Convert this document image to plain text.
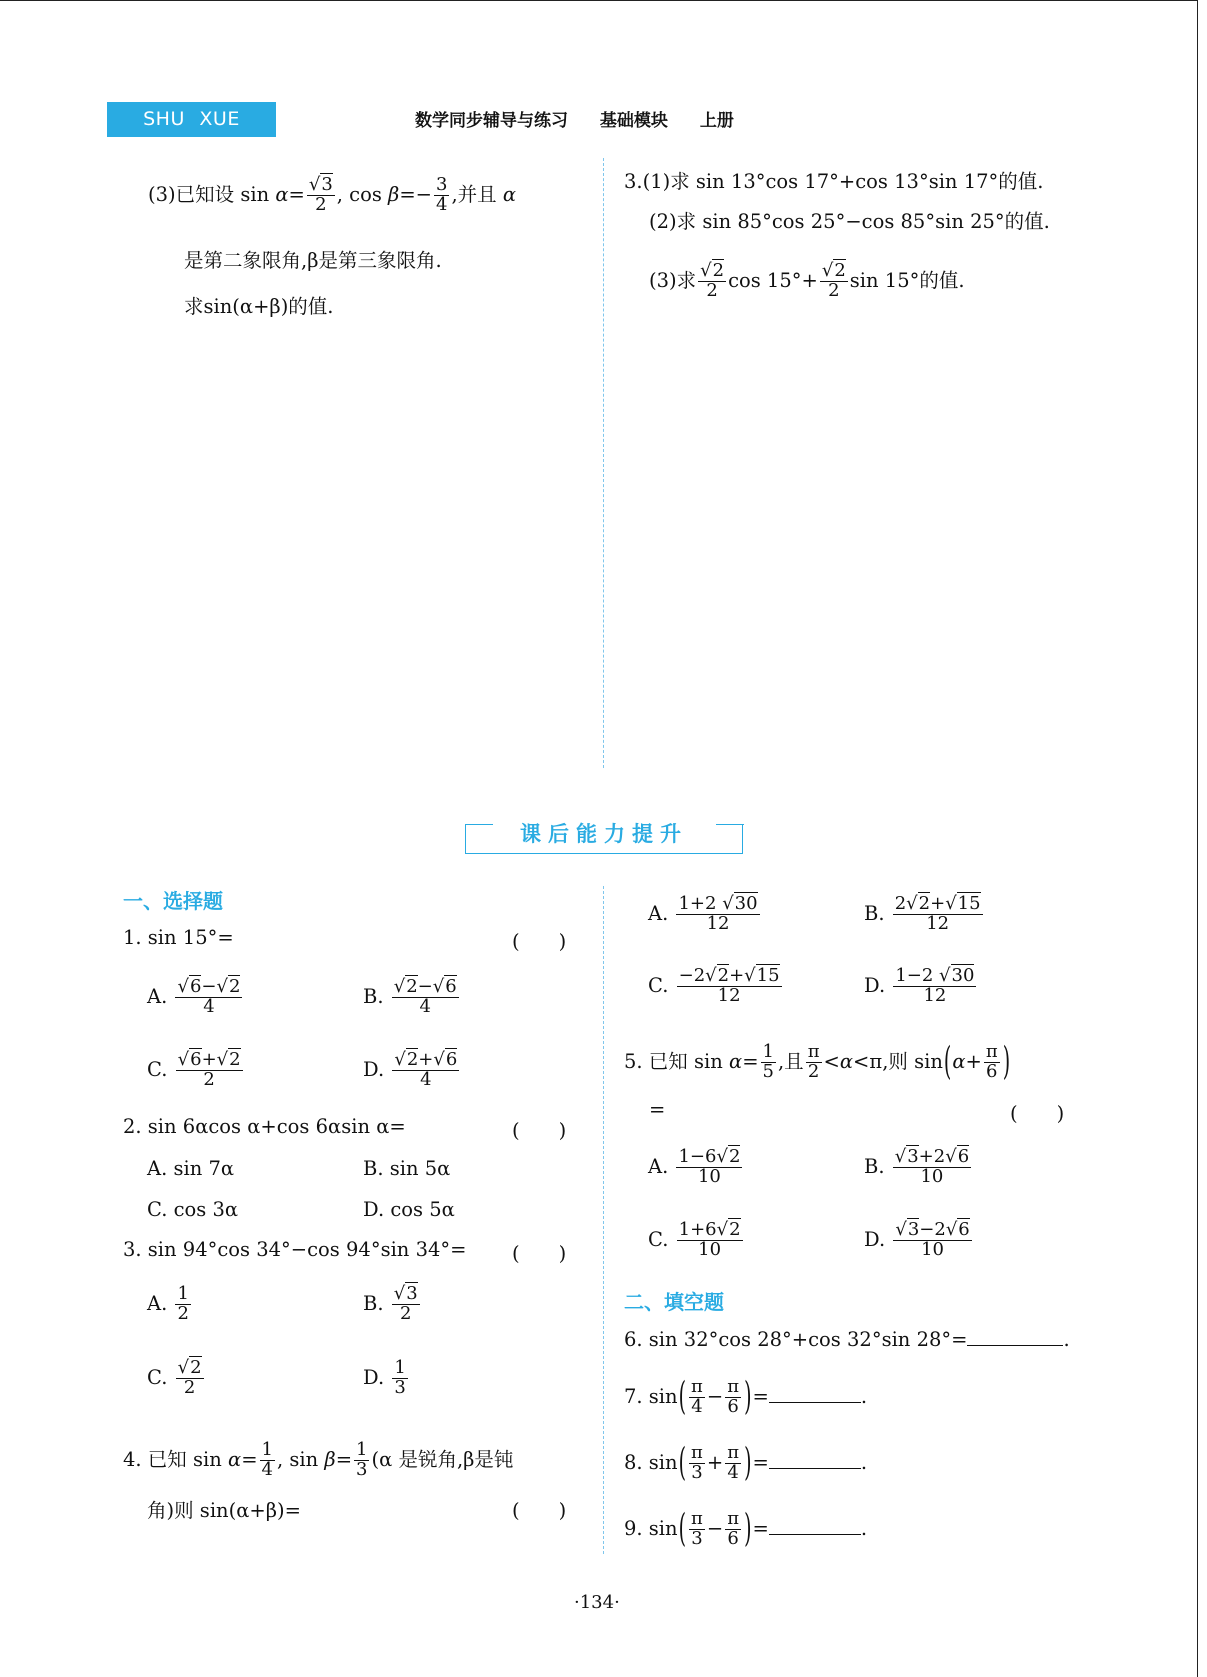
SHU XUE	数学同步辅导与练习 基础模块 上册
(3)已知设 $\sin \alpha= \frac{√3}{2}$ , $\cos \beta=- \frac{3}{4}$ ,并且 α
是第二象限角,β是第三象限角.
求sin(α+β)的值.
3.(1)求 sin 13°cos 17°+cos 13°sin 17°的值.
(2)求 sin 85°cos 25°−cos 85°sin 25°的值.
(3)求 $\frac{√2}{2}$ $\cos 15^\circ+ \frac{√2}{2}$ sin 15°的值.
课后能力提升
一、选择题
1. sin 15°=	(　　)
A. $\frac{√6-√2}{4}$	B. $\frac{√2-√6}{4}$
C. $\frac{√6+√2}{2}$	D. $\frac{√2+√6}{4}$
2. sin 6αcos α+cos 6αsin α=	(　　)
A. sin 7α	B. sin 5α
C. cos 3α	D. cos 5α
3. sin 94°cos 34°−cos 94°sin 34°= (　　)
A. $\frac{1}{2}$	B. $\frac{√3}{2}$
C. $\frac{√2}{2}$	D. $\frac{1}{3}$
4. 已知 $\sin \alpha= \frac{1}{4}$ , $\sin \beta= \frac{1}{3} (\alpha$ 是锐角,β是钝
角)则 sin(α+β)=	(　　)
A. $\frac{1+2 √30}{12}$	B. $\frac{2√2+√15}{12}$
C. $\frac{-2√2+√15}{12}$	D. $\frac{1-2 √30}{12}$
5. 已知 $\sin \alpha= \frac{1}{5}$ ,且 $\frac{\pi}{2} <\alpha<\pi$,则 $\sin(\alpha+ \frac{\pi}{6}$ )
=	(　　)
A. $\frac{1-6√2}{10}$	B. $\frac{√3+2√6}{10}$
C. $\frac{1+6√2}{10}$	D. $\frac{√3-2√6}{10}$
二、填空题
6. sin 32°cos 28°+cos 32°sin 28°=	.
7. $\sin( \frac{\pi}{4} - \frac{\pi}{6}$ )=	.
8. $\sin( \frac{\pi}{3} + \frac{\pi}{4}$ )=	.
9. $\sin( \frac{\pi}{3} - \frac{\pi}{6}$ )=	.
·134·
